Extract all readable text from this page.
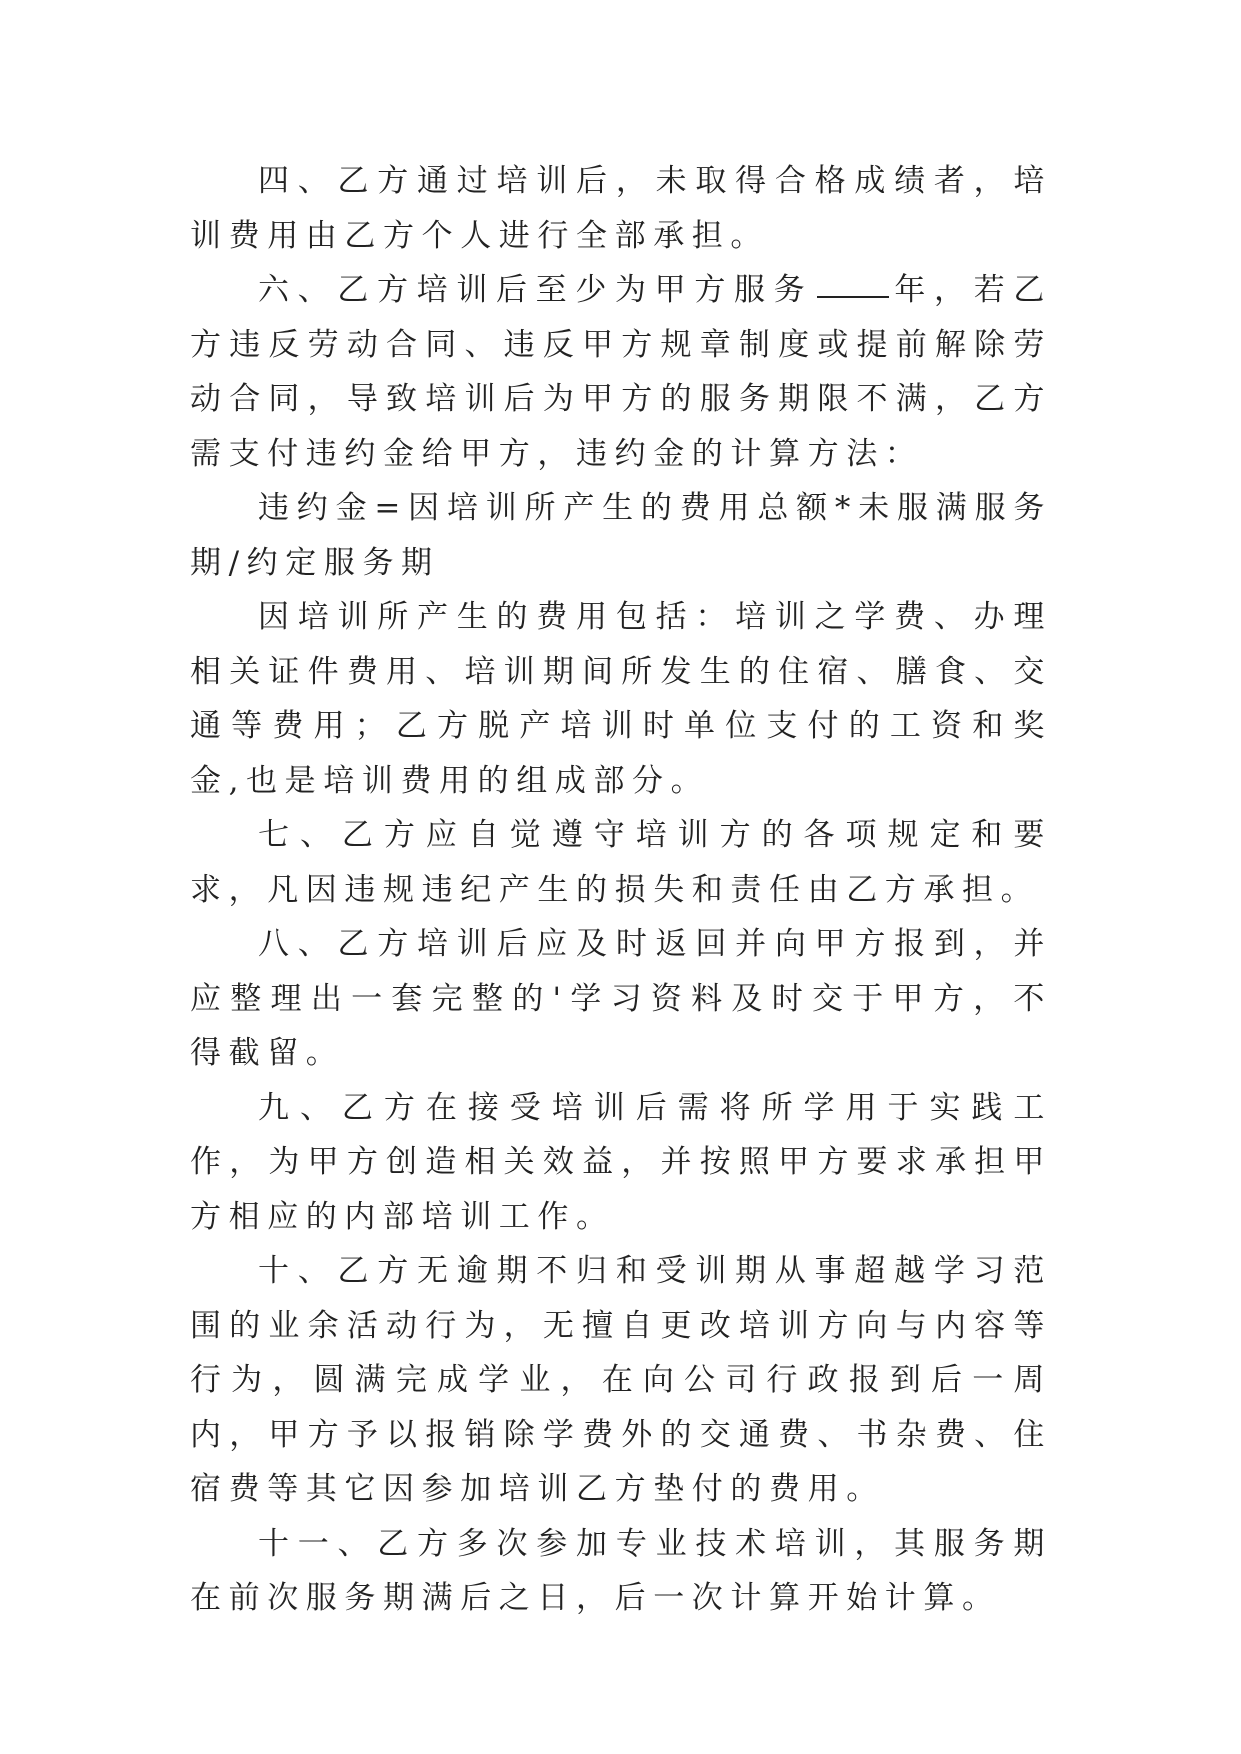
四、乙方通过培训后，未取得合格成绩者，培训费用由乙方个人进行全部承担。

六、乙方培训后至少为甲方服务	年，若乙方违反劳动合同、违反甲方规章制度或提前解除劳动合同，导致培训后为甲方的服务期限不满，乙方需支付违约金给甲方，违约金的计算方法：

违约金=因培训所产生的费用总额*未服满服务期/约定服务期

因培训所产生的费用包括：培训之学费、办理相关证件费用、培训期间所发生的住宿、膳食、交通等费用；乙方脱产培训时单位支付的工资和奖金,也是培训费用的组成部分。

七、乙方应自觉遵守培训方的各项规定和要求，凡因违规违纪产生的损失和责任由乙方承担。

八、乙方培训后应及时返回并向甲方报到，并应整理出一套完整的'学习资料及时交于甲方，不得截留。

九、乙方在接受培训后需将所学用于实践工作，为甲方创造相关效益，并按照甲方要求承担甲方相应的内部培训工作。

十、乙方无逾期不归和受训期从事超越学习范围的业余活动行为，无擅自更改培训方向与内容等行为，圆满完成学业，在向公司行政报到后一周内，甲方予以报销除学费外的交通费、书杂费、住宿费等其它因参加培训乙方垫付的费用。

十一、乙方多次参加专业技术培训，其服务期在前次服务期满后之日，后一次计算开始计算。
